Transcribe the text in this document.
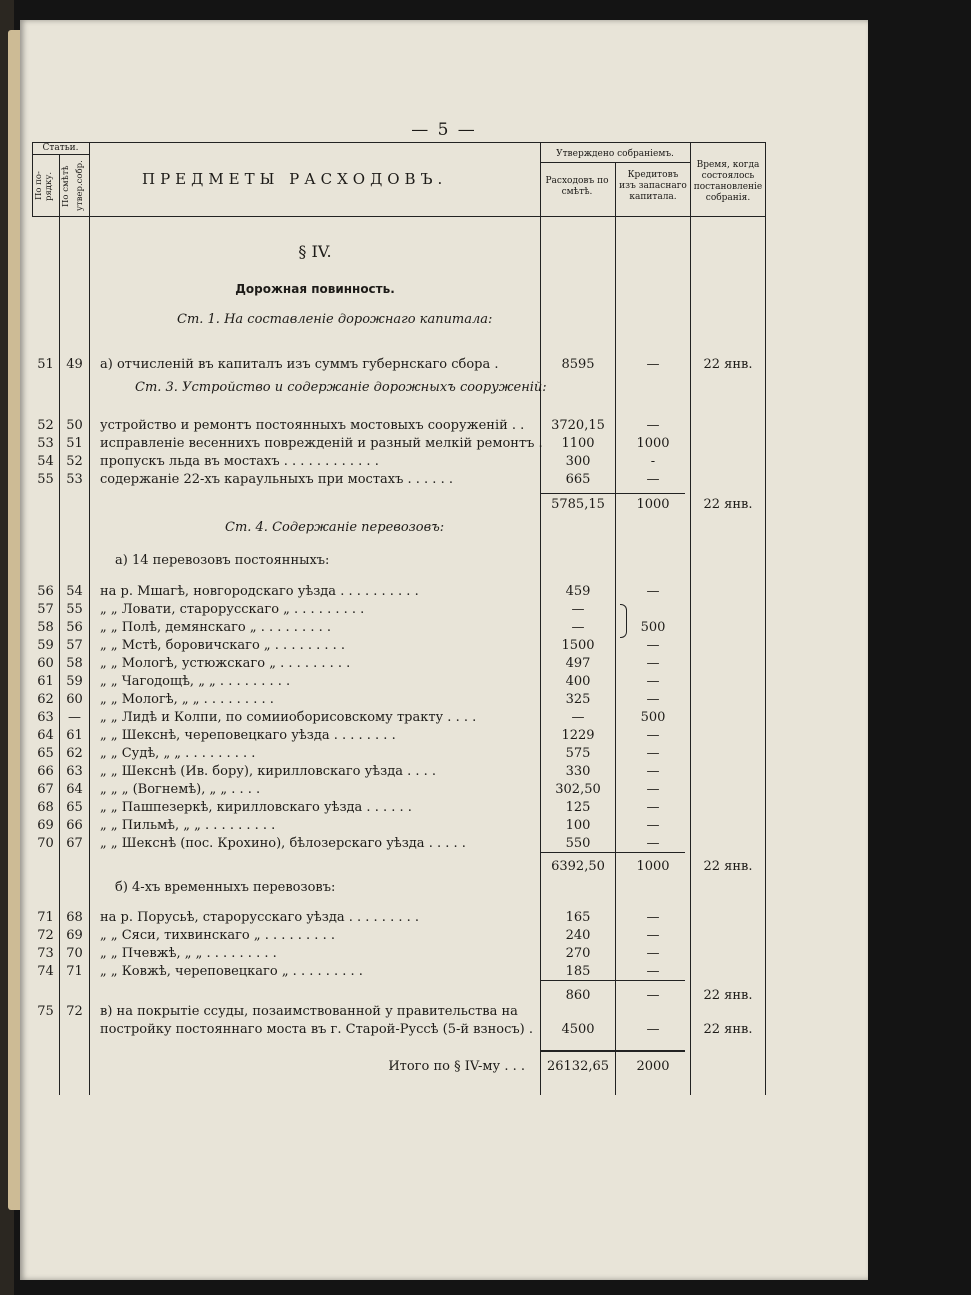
— 5 —
Статьи.
По по-рядку. По смѣтѣ утвер.собр.	ПРЕДМЕТЫ РАСХОДОВЪ.
Утверждено собранiемъ.
Расходовъ по смѣтѣ.
Кредитовъ изъ запаснаго капитала.
Время, когда состоялось постановленiе собранiя.
§ IV.
Дорожная повинность.
Ст. 1. На составленiе дорожнаго капитала:
Ст. 3. Устройство и содержанiе дорожныхъ сооруженiй:
Ст. 4. Содержанiе перевозовъ:
а) 14 перевозовъ постоянныхъ:
б) 4-хъ временныхъ перевозовъ:
51 49	а) отчисленiй въ капиталъ изъ суммъ губернскаго сбора .	8595	—	22 янв.
52 50	устройство и ремонтъ постоянныхъ мостовыхъ сооруженiй . .	3720,15	—
53 51	исправленiе весеннихъ поврежденiй и разный мелкiй ремонтъ .	1100	1000
54 52	пропускъ льда въ мостахъ . . . . . . . . . . . .	300	-
55 53	содержанiе 22-хъ караульныхъ при мостахъ . . . . . .	665	—
5785,15	1000	22 янв.
56 54	на р. Мшагѣ, новгородскаго уѣзда . . . . . . . . . .	459	—
57 55	„ „ Ловати, старорусскаго „ . . . . . . . . .	—
58 56	„ „ Полѣ, демянскаго „ . . . . . . . . .	—	500
59 57	„ „ Мстѣ, боровичскаго „ . . . . . . . . .	1500	—
60 58	„ „ Мологѣ, устюжскаго „ . . . . . . . . .	497	—
61 59	„ „ Чагодощѣ, „ „ . . . . . . . . .	400	—
62 60	„ „ Мологѣ, „ „ . . . . . . . . .	325	—
63	—	„ „ Лидѣ и Колпи, по сомииоборисовскому тракту . . . .	—	500
64 61	„ „ Шекснѣ, череповецкаго уѣзда . . . . . . . .	1229	—
65 62	„ „ Судѣ, „ „ . . . . . . . . .	575	—
66 63	„ „ Шекснѣ (Ив. бору), кирилловскаго уѣзда . . . .	330	—
67 64	„ „ „ (Вогнемѣ), „ „ . . . .	302,50	—
68 65	„ „ Пашпезеркѣ, кирилловскаго уѣзда . . . . . .	125	—
69 66	„ „ Пильмѣ, „ „ . . . . . . . . .	100	—
70 67	„ „ Шекснѣ (пос. Крохино), бѣлозерскаго уѣзда . . . . .	550	—
6392,50	1000	22 янв.
71 68	на р. Порусьѣ, старорусскаго уѣзда . . . . . . . . .	165	—
72 69	„ „ Сяси, тихвинскаго „ . . . . . . . . .	240	—
73 70	„ „ Пчевжѣ, „ „ . . . . . . . . .	270	—
74 71	„ „ Ковжѣ, череповецкаго „ . . . . . . . . .	185	—
860	—	22 янв.
75 72	в) на покрытiе ссуды, позаимствованной у правительства на
постройку постояннаго моста въ г. Старой-Руссѣ (5-й взносъ) .	4500	—	22 янв.
Итого по § IV-му . . .	26132,65	2000
